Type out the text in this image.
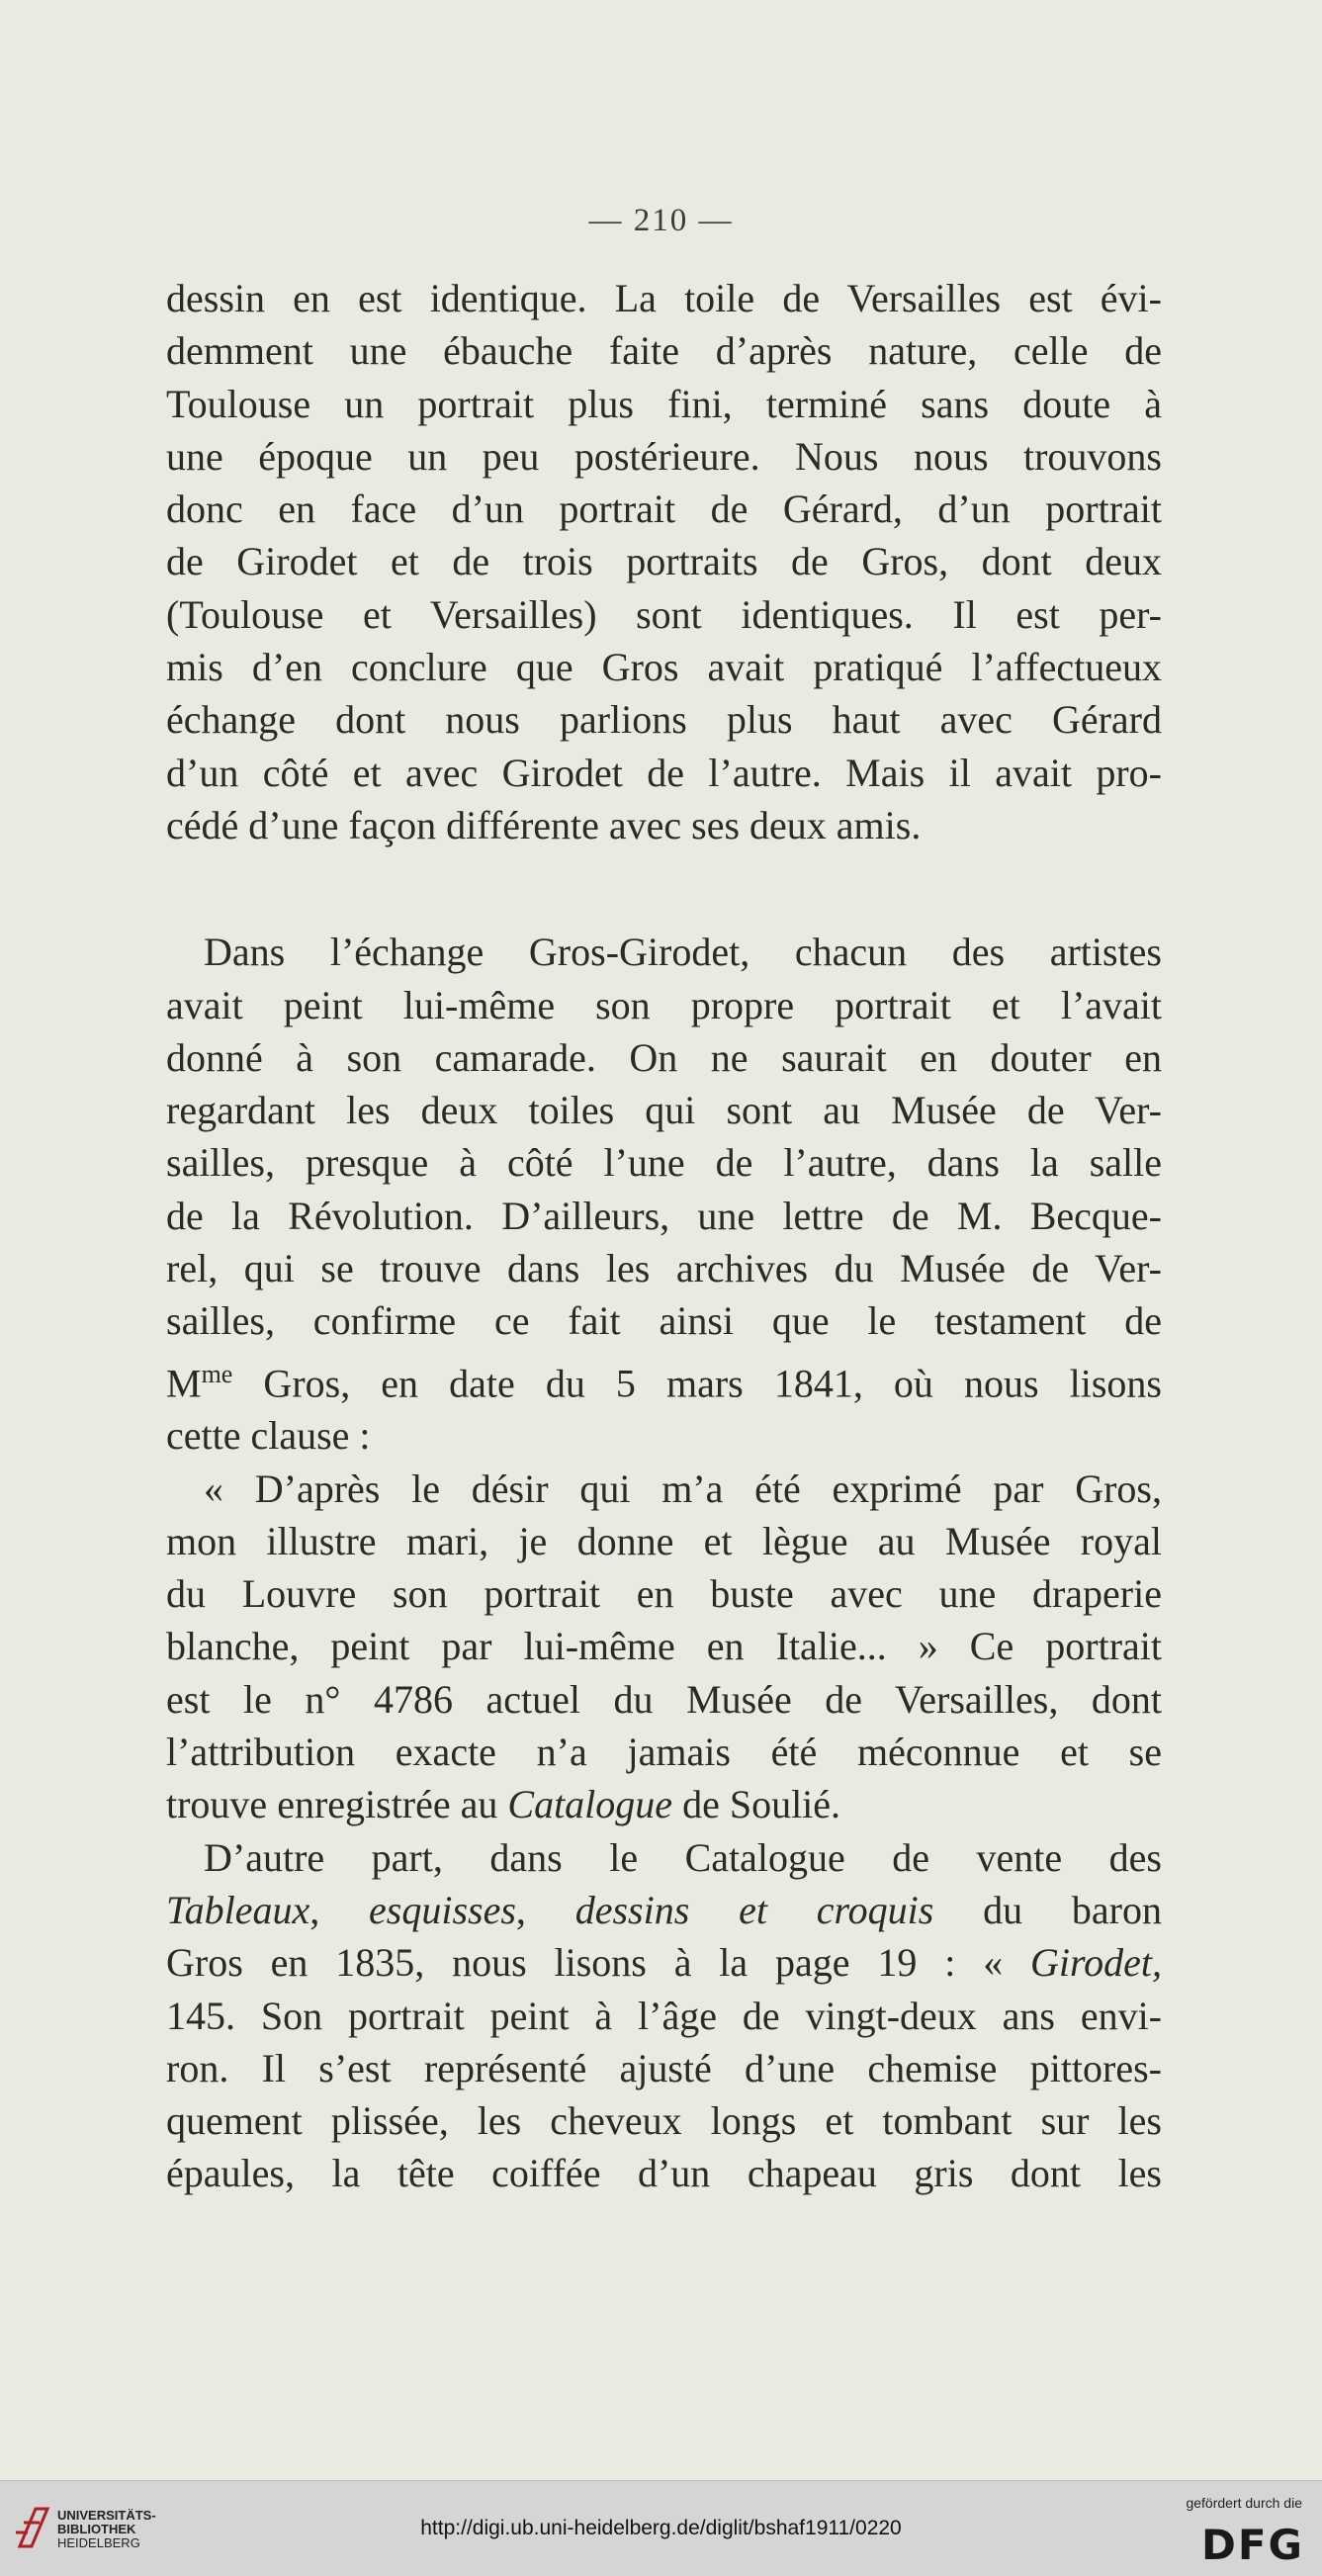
— 210 —
dessin en est identique. La toile de Versailles est évi-
demment une ébauche faite d’après nature, celle de
Toulouse un portrait plus fini, terminé sans doute à
une époque un peu postérieure. Nous nous trouvons
donc en face d’un portrait de Gérard, d’un portrait
de Girodet et de trois portraits de Gros, dont deux
(Toulouse et Versailles) sont identiques. Il est per-
mis d’en conclure que Gros avait pratiqué l’affectueux
échange dont nous parlions plus haut avec Gérard
d’un côté et avec Girodet de l’autre. Mais il avait pro-
cédé d’une façon différente avec ses deux amis.
Dans l’échange Gros-Girodet, chacun des artistes
avait peint lui-même son propre portrait et l’avait
donné à son camarade. On ne saurait en douter en
regardant les deux toiles qui sont au Musée de Ver-
sailles, presque à côté l’une de l’autre, dans la salle
de la Révolution. D’ailleurs, une lettre de M. Becque-
rel, qui se trouve dans les archives du Musée de Ver-
sailles, confirme ce fait ainsi que le testament de
$M^{me}$ Gros, en date du 5 mars 1841, où nous lisons
cette clause :
« D’après le désir qui m’a été exprimé par Gros,
mon illustre mari, je donne et lègue au Musée royal
du Louvre son portrait en buste avec une draperie
blanche, peint par lui-même en Italie... » Ce portrait
est le n° 4786 actuel du Musée de Versailles, dont
l’attribution exacte n’a jamais été méconnue et se
trouve enregistrée au Catalogue de Soulié.
D’autre part, dans le Catalogue de vente des
Tableaux, esquisses, dessins et croquis du baron
Gros en 1835, nous lisons à la page 19 : « Girodet,
145. Son portrait peint à l’âge de vingt-deux ans envi-
ron. Il s’est représenté ajusté d’une chemise pittores-
quement plissée, les cheveux longs et tombant sur les
épaules, la tête coiffée d’un chapeau gris dont les
UNIVERSITÄTS-
BIBLIOTHEK
HEIDELBERG
http://digi.ub.uni-heidelberg.de/diglit/bshaf1911/0220
gefördert durch die
DFG
